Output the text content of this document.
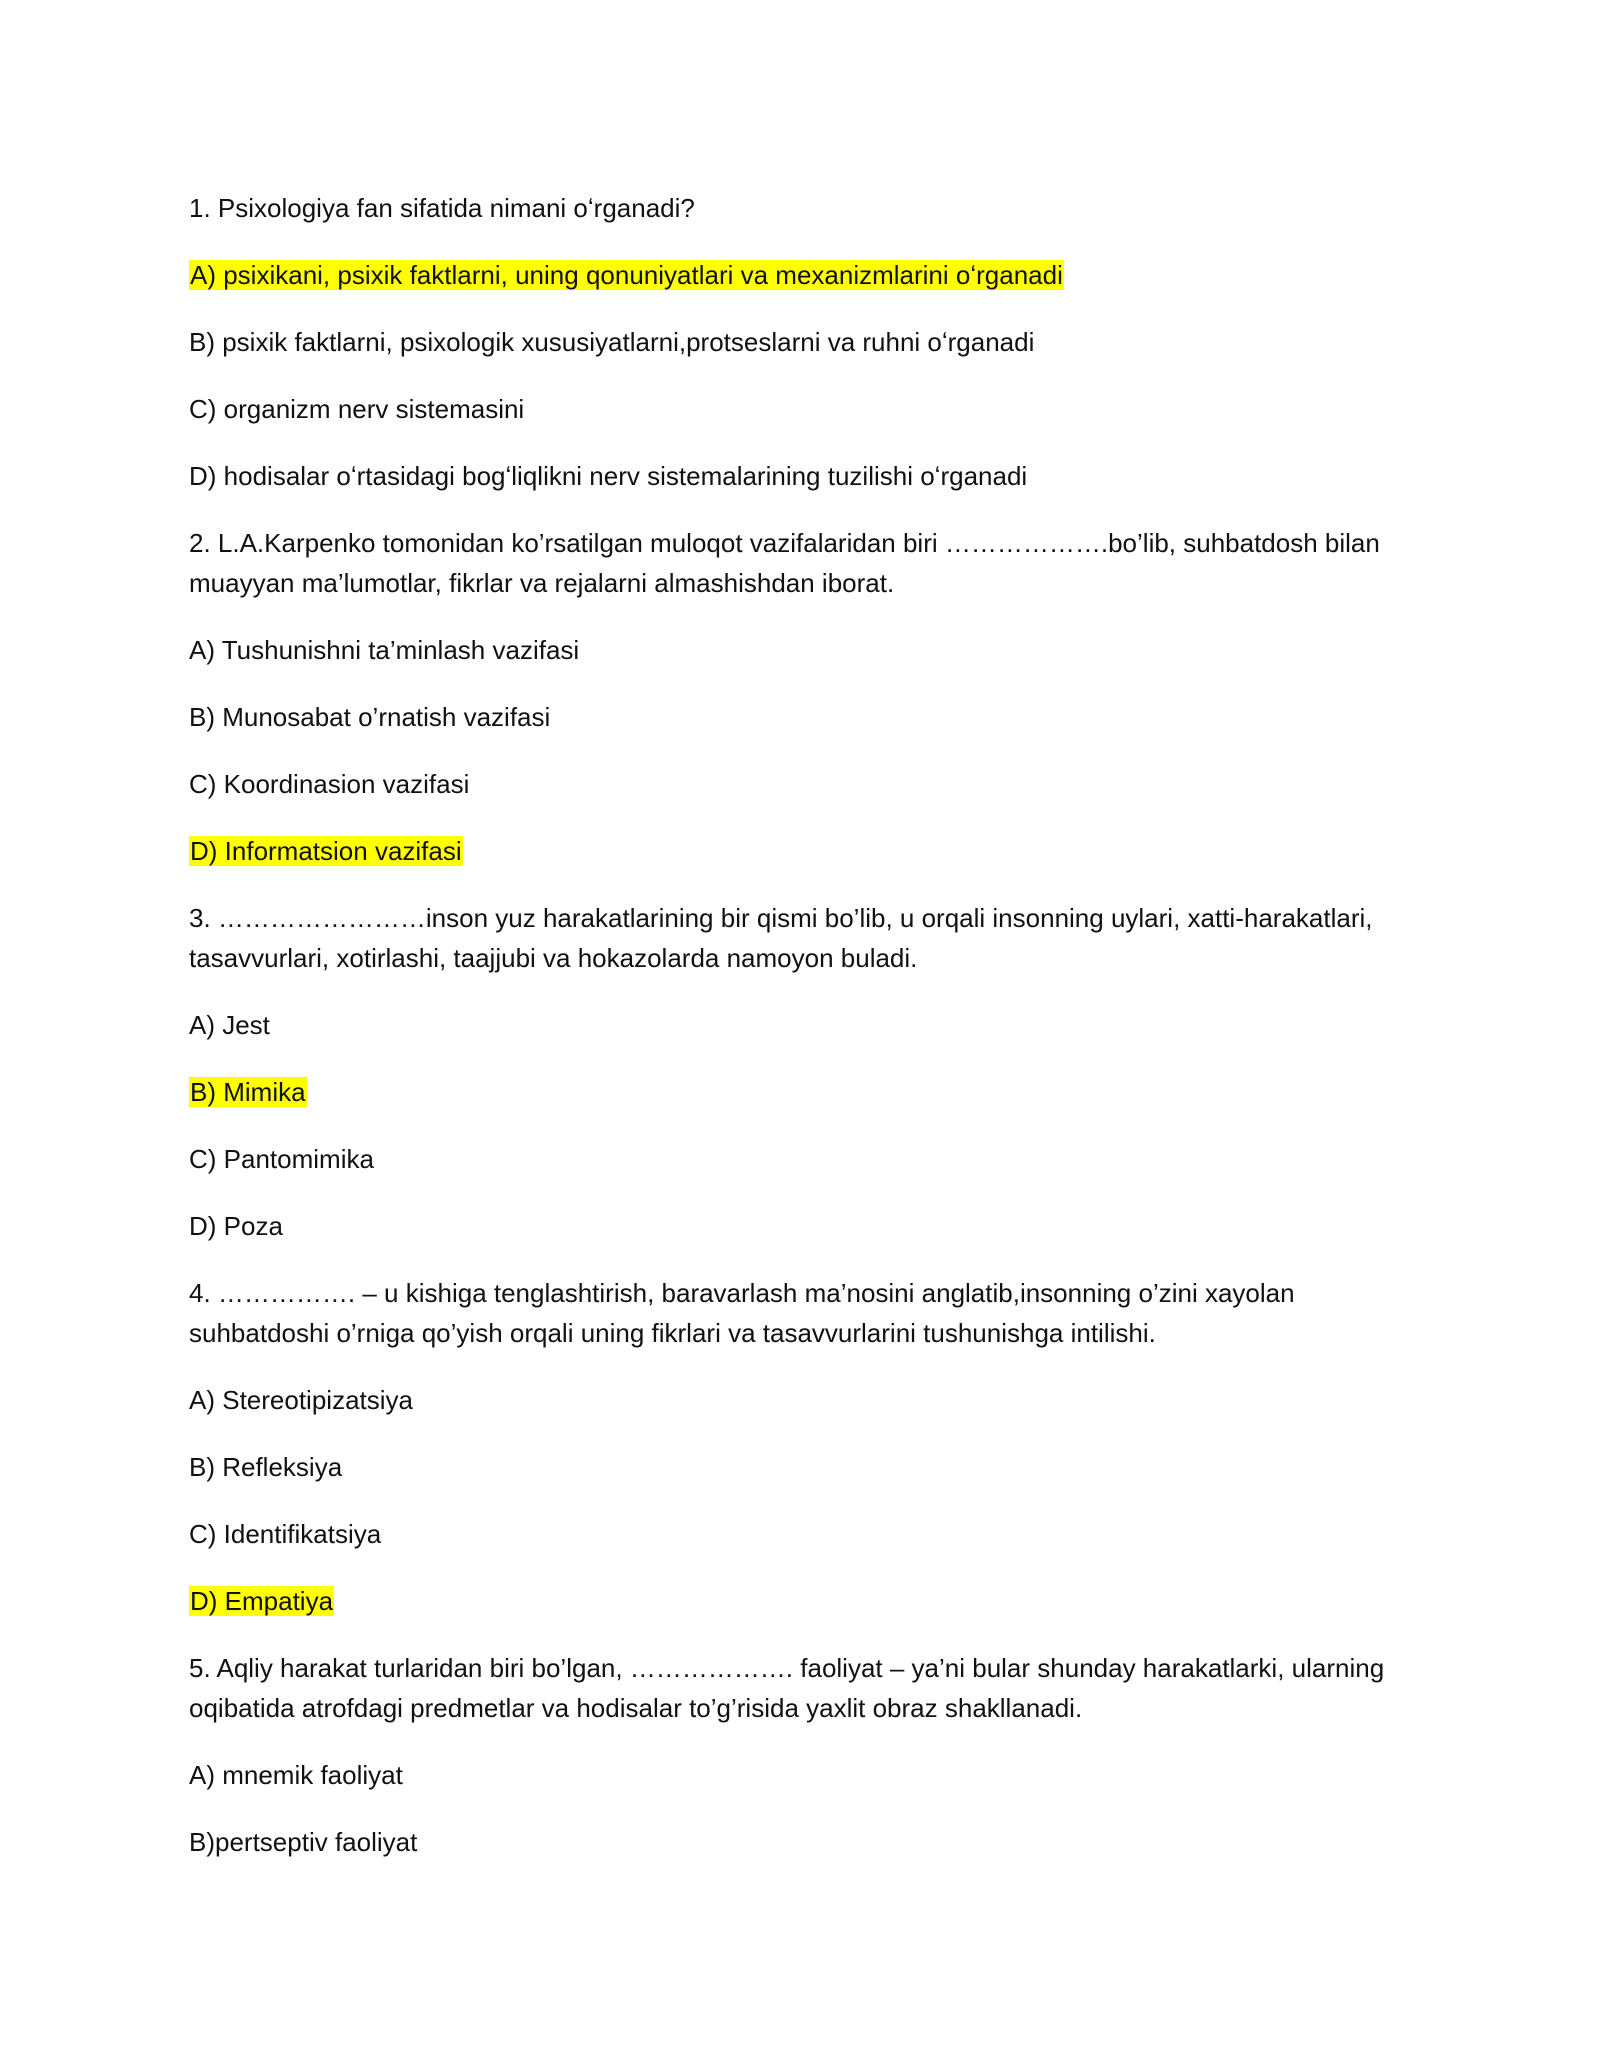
1. Psixologiya fan sifatida nimani oʻrganadi?
A) psixikani, psixik faktlarni, uning qonuniyatlari va mexanizmlarini oʻrganadi
B) psixik faktlarni, psixologik xususiyatlarni,protseslarni va ruhni oʻrganadi
C) organizm nerv sistemasini
D) hodisalar oʻrtasidagi bogʻliqlikni nerv sistemalarining tuzilishi oʻrganadi
2. L.A.Karpenko tomonidan ko’rsatilgan muloqot vazifalaridan biri ……………….bo’lib, suhbatdosh bilan muayyan ma’lumotlar, fikrlar va rejalarni almashishdan iborat.
A) Tushunishni ta’minlash vazifasi
B) Munosabat o’rnatish vazifasi
C) Koordinasion vazifasi
D) Informatsion vazifasi
3. ……………………inson yuz harakatlarining bir qismi bo’lib, u orqali insonning uylari, xatti-harakatlari, tasavvurlari, xotirlashi, taajjubi va hokazolarda namoyon buladi.
A) Jest
B) Mimika
C) Pantomimika
D) Poza
4. ……………. – u kishiga tenglashtirish, baravarlash ma’nosini anglatib,insonning o’zini xayolan suhbatdoshi o’rniga qo’yish orqali uning fikrlari va tasavvurlarini tushunishga intilishi.
A) Stereotipizatsiya
B) Refleksiya
C) Identifikatsiya
D) Empatiya
5. Aqliy harakat turlaridan biri bo’lgan, ………………. faoliyat – ya’ni bular shunday harakatlarki, ularning oqibatida atrofdagi predmetlar va hodisalar to’g’risida yaxlit obraz shakllanadi.
A) mnemik faoliyat
B)pertseptiv faoliyat
